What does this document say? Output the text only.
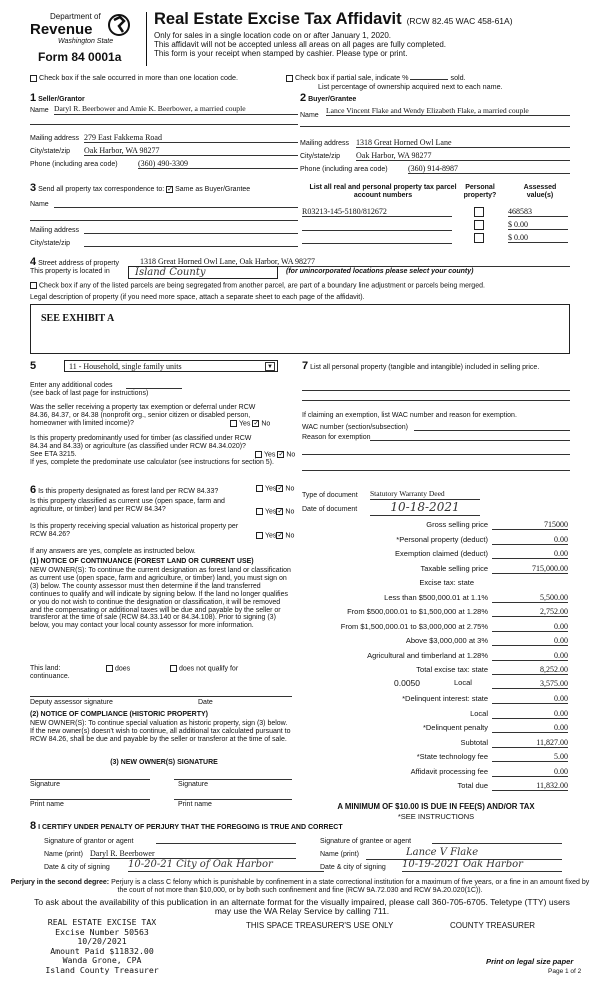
Department of
Revenue
Washington State
Form 84 0001a
Real Estate Excise Tax Affidavit (RCW 82.45 WAC 458-61A)
Only for sales in a single location code on or after January 1, 2020.
This affidavit will not be accepted unless all areas on all pages are fully completed.
This form is your receipt when stamped by cashier. Please type or print.
Check box if the sale occurred in more than one location code.	Check box if partial sale, indicate %	sold.
List percentage of ownership acquired next to each name.
1 Seller/Grantor
Name Daryl R. Beerbower and Amie K. Beerbower, a married couple
Mailing address 279 East Fakkema Road
City/state/zip Oak Harbor, WA 98277
Phone (including area code)	(360) 490-3309
2 Buyer/Grantee
Name
Lance Vincent Flake and Wendy Elizabeth Flake, a married couple
Mailing address 1318 Great Horned Owl Lane
City/state/zip Oak Harbor, WA 98277
Phone (including area code)	(360) 914-8987
3 Send all property tax correspondence to: ✓ Same as Buyer/Grantee
Name
Mailing address
City/state/zip
List all real and personal property tax parcel account numbers
Personal property?
Assessed value(s)
R03213-145-5180/812672	468583
$ 0.00
$ 0.00
4 Street address of property	1318 Great Horned Owl Lane, Oak Harbor, WA 98277
This property is located in	Island County	(for unincorporated locations please select your county)
Check box if any of the listed parcels are being segregated from another parcel, are part of a boundary line adjustment or parcels being merged.
Legal description of property (if you need more space, attach a separate sheet to each page of the affidavit).
SEE EXHIBIT A
5	11 - Household, single family units	▼
Enter any additional codes
(see back of last page for instructions)
Was the seller receiving a property tax exemption or deferral under RCW 84.36, 84.37, or 84.38 (nonprofit org., senior citizen or disabled person, homeowner with limited income)?	Yes ✓ No
Is this property predominantly used for timber (as classified under RCW 84.34 and 84.33) or agriculture (as classified under RCW 84.34.020)? See ETA 3215.	Yes ✓ No
If yes, complete the predominate use calculator (see instructions for section 5).
7 List all personal property (tangible and intangible) included in selling price.
If claiming an exemption, list WAC number and reason for exemption.
WAC number (section/subsection)
Reason for exemption
Type of document Statutory Warranty Deed
Date of document	10-18-2021
6 Is this property designated as forest land per RCW 84.33?	Yes✓ No
Is this property classified as current use (open space, farm and agriculture, or timber) land per RCW 84.34?	Yes✓ No
Is this property receiving special valuation as historical property per RCW 84.26?	Yes✓ No
If any answers are yes, complete as instructed below.
(1) NOTICE OF CONTINUANCE (FOREST LAND OR CURRENT USE)
NEW OWNER(S): To continue the current designation as forest land or classification as current use (open space, farm and agriculture, or timber) land, you must sign on (3) below. The county assessor must then determine if the land transferred continues to qualify and will indicate by signing below. If the land no longer qualifies or you do not wish to continue the designation or classification, it will be removed and the compensating or additional taxes will be due and payable by the seller or transferor at the time of sale (RCW 84.33.140 or 84.34.108). Prior to signing (3) below, you may contact your local county assessor for more information.
This land:	does	does not qualify for
continuance.
Deputy assessor signature	Date
(2) NOTICE OF COMPLIANCE (HISTORIC PROPERTY)
NEW OWNER(S): To continue special valuation as historic property, sign (3) below. If the new owner(s) doesn't wish to continue, all additional tax calculated pursuant to RCW 84.26, shall be due and payable by the seller or transferor at the time of sale.
(3) NEW OWNER(S) SIGNATURE
Signature	Signature
Print name	Print name
Gross selling price	715000
*Personal property (deduct)	0.00
Exemption claimed (deduct)	0.00
Taxable selling price	715,000.00
Excise tax: state
Less than $500,000.01 at 1.1%	5,500.00
From $500,000.01 to $1,500,000 at 1.28%	2,752.00
From $1,500,000.01 to $3,000,000 at 2.75%	0.00
Above $3,000,000 at 3%	0.00
Agricultural and timberland at 1.28%	0.00
Total excise tax: state	8,252.00
0.0050	Local	3,575.00
*Delinquent interest: state	0.00
Local	0.00
*Delinquent penalty	0.00
Subtotal	11,827.00
*State technology fee	5.00
Affidavit processing fee	0.00
Total due	11,832.00
A MINIMUM OF $10.00 IS DUE IN FEE(S) AND/OR TAX
*SEE INSTRUCTIONS
8 I CERTIFY UNDER PENALTY OF PERJURY THAT THE FOREGOING IS TRUE AND CORRECT
Signature of grantor or agent
Name (print) Daryl R. Beerbower
Date & city of signing 10-20-21 City of Oak Harbor
Signature of grantee or agent
Name (print)	Lance V Flake
Date & city of signing 10-19-2021 Oak Harbor
Perjury in the second degree: Perjury is a class C felony which is punishable by confinement in a state correctional institution for a maximum of five years, or a fine in an amount fixed by the court of not more than $10,000, or by both such confinement and fine (RCW 9A.72.030 and RCW 9A.20.020(1C)).
To ask about the availability of this publication in an alternate format for the visually impaired, please call 360-705-6705. Teletype (TTY) users may use the WA Relay Service by calling 711.
REAL ESTATE EXCISE TAX
Excise Number 50563
10/20/2021
Amount Paid $11832.00
Wanda Grone, CPA
Island County Treasurer
THIS SPACE TREASURER'S USE ONLY	COUNTY TREASURER
Print on legal size paper
Page 1 of 2
